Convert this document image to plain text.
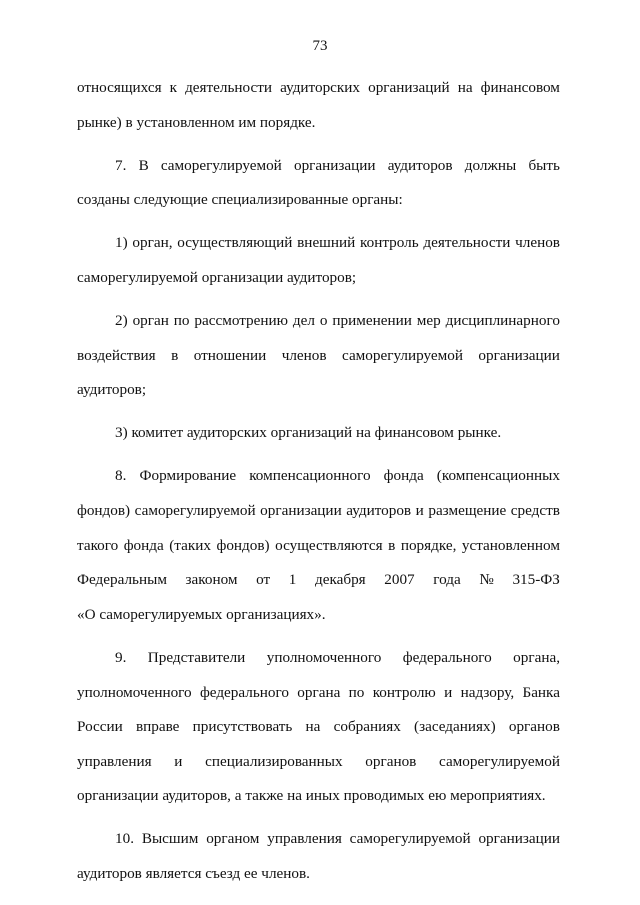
73
относящихся к деятельности аудиторских организаций на финансовом
рынке) в установленном им порядке.
7. В саморегулируемой организации аудиторов должны быть
созданы следующие специализированные органы:
1) орган, осуществляющий внешний контроль деятельности членов
саморегулируемой организации аудиторов;
2) орган по рассмотрению дел о применении мер дисциплинарного
воздействия в отношении членов саморегулируемой организации
аудиторов;
3) комитет аудиторских организаций на финансовом рынке.
8. Формирование компенсационного фонда (компенсационных
фондов) саморегулируемой организации аудиторов и размещение средств
такого фонда (таких фондов) осуществляются в порядке, установленном
Федеральным законом от 1 декабря 2007 года № 315-ФЗ
«О саморегулируемых организациях».
9. Представители уполномоченного федерального органа,
уполномоченного федерального органа по контролю и надзору, Банка
России вправе присутствовать на собраниях (заседаниях) органов
управления и специализированных органов саморегулируемой
организации аудиторов, а также на иных проводимых ею мероприятиях.
10. Высшим органом управления саморегулируемой организации
аудиторов является съезд ее членов.
